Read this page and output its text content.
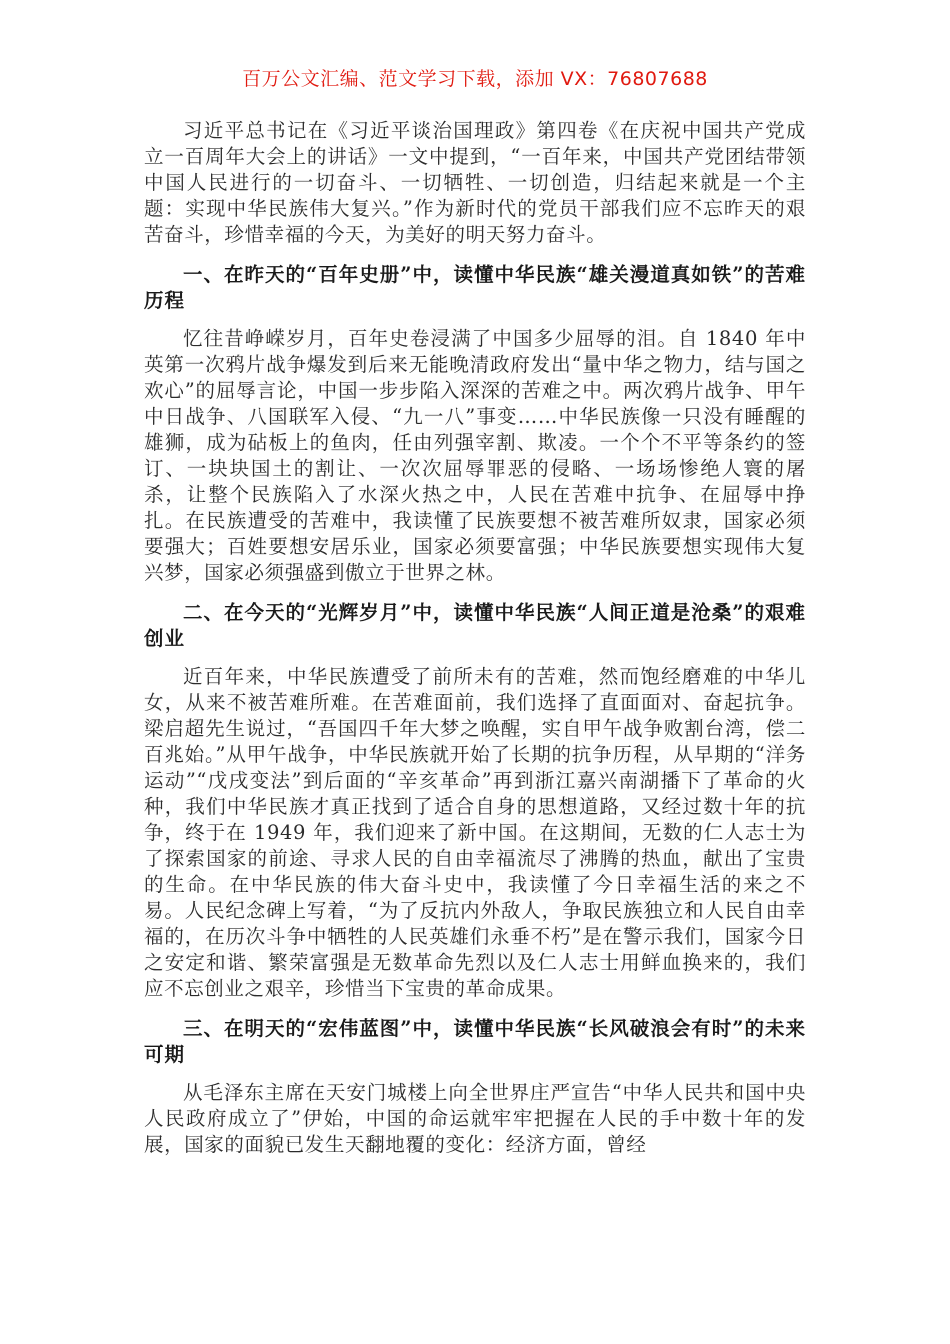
百万公文汇编、范文学习下载，添加 VX：76807688

习近平总书记在《习近平谈治国理政》第四卷《在庆祝中国共产党成立一百周年大会上的讲话》一文中提到，“一百年来，中国共产党团结带领中国人民进行的一切奋斗、一切牺牲、一切创造，归结起来就是一个主题：实现中华民族伟大复兴。”作为新时代的党员干部我们应不忘昨天的艰苦奋斗，珍惜幸福的今天，为美好的明天努力奋斗。

一、在昨天的“百年史册”中，读懂中华民族“雄关漫道真如铁”的苦难历程

忆往昔峥嵘岁月，百年史卷浸满了中国多少屈辱的泪。自 1840 年中英第一次鸦片战争爆发到后来无能晚清政府发出“量中华之物力，结与国之欢心”的屈辱言论，中国一步步陷入深深的苦难之中。两次鸦片战争、甲午中日战争、八国联军入侵、“九一八”事变……中华民族像一只没有睡醒的雄狮，成为砧板上的鱼肉，任由列强宰割、欺凌。一个个不平等条约的签订、一块块国土的割让、一次次屈辱罪恶的侵略、一场场惨绝人寰的屠杀，让整个民族陷入了水深火热之中，人民在苦难中抗争、在屈辱中挣扎。在民族遭受的苦难中，我读懂了民族要想不被苦难所奴隶，国家必须要强大；百姓要想安居乐业，国家必须要富强；中华民族要想实现伟大复兴梦，国家必须强盛到傲立于世界之林。

二、在今天的“光辉岁月”中，读懂中华民族“人间正道是沧桑”的艰难创业

近百年来，中华民族遭受了前所未有的苦难，然而饱经磨难的中华儿女，从来不被苦难所难。在苦难面前，我们选择了直面面对、奋起抗争。梁启超先生说过，“吾国四千年大梦之唤醒，实自甲午战争败割台湾，偿二百兆始。”从甲午战争，中华民族就开始了长期的抗争历程，从早期的“洋务运动”“戊戌变法”到后面的“辛亥革命”再到浙江嘉兴南湖播下了革命的火种，我们中华民族才真正找到了适合自身的思想道路，又经过数十年的抗争，终于在 1949 年，我们迎来了新中国。在这期间，无数的仁人志士为了探索国家的前途、寻求人民的自由幸福流尽了沸腾的热血，献出了宝贵的生命。在中华民族的伟大奋斗史中，我读懂了今日幸福生活的来之不易。人民纪念碑上写着，“为了反抗内外敌人，争取民族独立和人民自由幸福的，在历次斗争中牺牲的人民英雄们永垂不朽”是在警示我们，国家今日之安定和谐、繁荣富强是无数革命先烈以及仁人志士用鲜血换来的，我们应不忘创业之艰辛，珍惜当下宝贵的革命成果。

三、在明天的“宏伟蓝图”中，读懂中华民族“长风破浪会有时”的未来可期

从毛泽东主席在天安门城楼上向全世界庄严宣告“中华人民共和国中央人民政府成立了”伊始，中国的命运就牢牢把握在人民的手中数十年的发展，国家的面貌已发生天翻地覆的变化：经济方面，曾经
